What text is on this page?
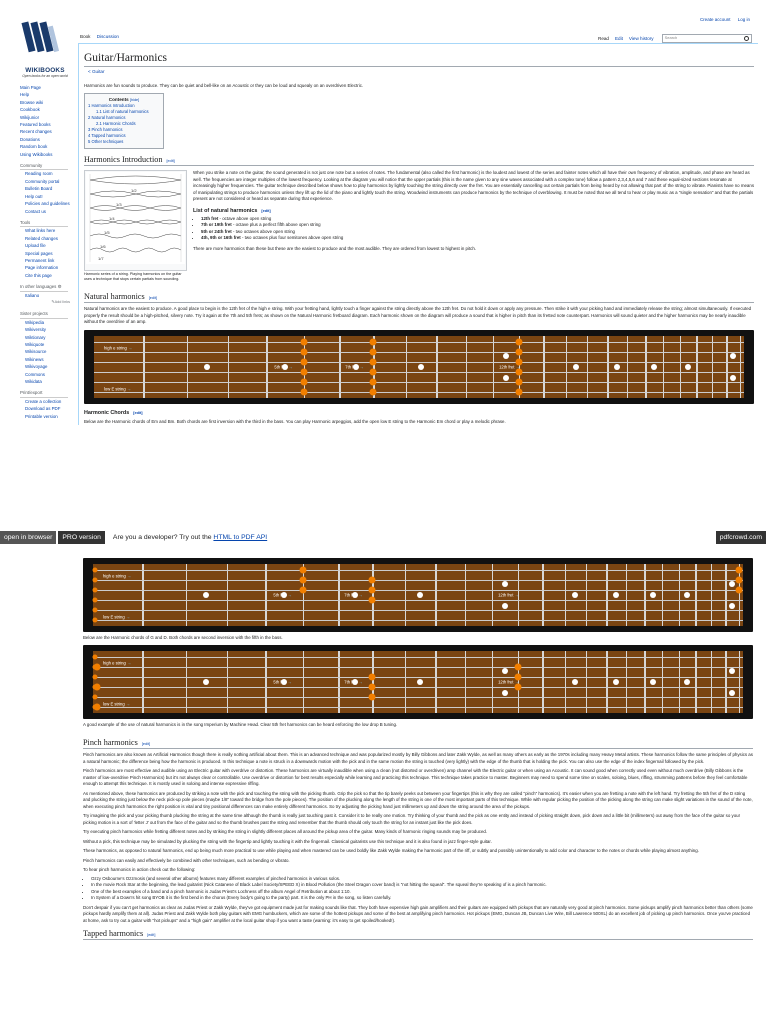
Create account Log in
WIKIBOOKS
Open books for an open world
Main Page
Help
Browse wiki
Cookbook
Wikijunior
Featured books
Recent changes
Donations
Random book
Using Wikibooks
Community
Reading room
Community portal
Bulletin Board
Help out!
Policies and guidelines
Contact us
Tools
What links here
Related changes
Upload file
Special pages
Permanent link
Page information
Cite this page
In other languages ⚙
Italiano
✎Add links
Sister projects
Wikipedia
Wikiversity
Wiktionary
Wikiquote
Wikisource
Wikinews
Wikivoyage
Commons
Wikidata
Print/export
Create a collection
Download as PDF
Printable version
Book Discussion	Read Edit View history	Search
Guitar/Harmonics
< Guitar

Harmonics are fun sounds to produce. They can be quiet and bell-like on an Acoustic or they can be loud and squealy on an overdriven Electric.

Contents [hide]
1 Harmonics Introduction
1.1 List of natural harmonics
2 Natural harmonics
2.1 Harmonic Chords
3 Pinch harmonics
4 Tapped harmonics
5 Other techniques
Harmonics Introduction [edit]
1/2
1/3
1/4
1/5
1/6
1/7
Harmonic series of a string. Playing harmonics on the guitar uses a technique that stops certain partials from sounding.

When you strike a note on the guitar, the sound generated is not just one note but a series of notes. The fundamental (also called the first harmonic) is the loudest and lowest of the series and fainter notes which all have their own frequency of vibration, amplitude, and phase are heard as well. The frequencies are integer multiples of the lowest frequency. Looking at the diagram you will notice that the upper partials (this is the name given to any sine waves associated with a complex tone) follow a pattern 2,3,4,5,6 and 7 and these equal-sized sections resonate at increasingly higher frequencies. The guitar technique described below shows how to play harmonics by lightly touching the string directly over the fret. You are essentially cancelling out certain partials from being heard by not allowing that part of the string to vibrate. Pianists have no means of manipulating strings to produce harmonics unless they lift up the lid of the piano and lightly touch the string. Woodwind instruments can produce harmonics by the technique of overblowing. It must be noted that we all tend to hear or play music as a "single sensation" and that the partials present are not considered or heard as separate during that experience.

List of natural harmonics [edit]
• 12th fret - octave above open string
• 7th or 19th fret - octave plus a perfect fifth above open string
• 5th or 24th fret - two octaves above open string
• 4th, 9th or 16th fret - two octaves plus four semitones above open string

There are more harmonics than these but these are the easiest to produce and the most audible. They are ordered from lowest to highest in pitch.

Natural harmonics [edit]

Natural harmonics are the easiest to produce. A good place to begin is the 12th fret of the high e string. With your fretting hand, lightly touch a finger against the string directly above the 12th fret. Do not hold it down or apply any pressure. Then strike it with your picking hand and immediately release the string; almost simultaneously. If executed properly the result should be a high-pitched, silvery note. Try it again at the 7th and 5th frets; as shown on the Natural Harmonic fretboard diagram. Each harmonic shown on the diagram will produce a sound that is higher in pitch than its fretted note counterpart. Harmonics will sound quieter and the higher harmonics may be nearly inaudible without the overdrive of an amp.

high e string →
low E string →
5th fret →	7th fret →	12th fret →
Harmonic Chords [edit]

Below are the Harmonic chords of Em and Bm. Both chords are first inversion with the third in the bass. You can play Harmonic arpeggios, add the open low E string to the Harmonic Em chord or play a melodic phrase.

open in browser	PRO version	Are you a developer? Try out the HTML to PDF API	pdfcrowd.com
high e string →
low E string →
5th fret →	7th fret →	12th fret →

Below are the Harmonic chords of G and D. Both chords are second inversion with the fifth in the bass.

high e string →
low E string →
5th fret →	7th fret →	12th fret →

A good example of the use of natural harmonics is in the song Imperium by Machine Head. Clear 5th fret harmonics can be heard enforcing the low drop B tuning.

Pinch harmonics [edit]

Pinch harmonics are also known as Artificial Harmonics though there is really nothing artificial about them. This is an advanced technique and was popularized mostly by Billy Gibbons and later Zakk Wylde, as well as many others as early as the 1970s including many Heavy Metal artists. These harmonics follow the same principles of physics as a natural harmonic; the difference being how the harmonic is produced. In this technique a note is struck in a downwards motion with the pick and in the same motion the string is touched (very lightly) with the edge of the thumb that is holding the pick. You can also use the edge of the index fingernail followed by the pick.

Pinch harmonics are most effective and audible using an Electric guitar with overdrive or distortion. These harmonics are virtually inaudible when using a clean (not distorted or overdriven) amp channel with the Electric guitar or when using an Acoustic. It can sound good when correctly used even without much overdrive (Billy Gibbons is the master of low-overdrive Pinch Harmonics) but it's not always clear or controllable. Use overdrive or distortion for best results especially while learning and practicing this technique. This technique takes practice to master. Beginners may need to spend some time on scales, soloing, blues, riffing, strumming patterns before they feel comfortable enough to attempt this technique. It is mostly used in soloing and intense expressive riffing.

As mentioned above, these harmonics are produced by striking a note with the pick and touching the string with the picking thumb. Grip the pick so that the tip barely peeks out between your fingertips (this is why they are called "pinch" harmonics). It's easier when you are fretting a note with the left hand. Try fretting the 5th fret of the D string and plucking the string just below the neck pick-up pole pieces (maybe 1/8" toward the bridge from the pole pieces). The position of the plucking along the length of the string is one of the most important parts of this technique. While with regular picking the position of the picking along the string can make slight variations in the sound of the note, when executing pinch harmonics the right position is vital and tiny positional differences can make entirely different harmonics. So try adjusting the picking hand just millimeters up and down the string around the area of the pickups.

Try imagining the pick and your picking thumb plucking the string at the same time although the thumb is really just touching past it. Consider it to be really one motion. Try thinking of your thumb and the pick as one entity and instead of picking straight down, pick down and a little bit (millimeters) out away from the face of the guitar so your picking motion is a sort of 'letter J' out from the face of the guitar and so the thumb brushes past the string and remember that the thumb should only touch the string for an instant just like the pick does.

Try executing pinch harmonics while fretting different notes and by striking the string in slightly different places all around the pickup area of the guitar. Many kinds of harmonic ringing sounds may be produced.

Without a pick, this technique may be simulated by plucking the string with the fingertip and lightly touching it with the fingernail. Classical guitarists use this technique and it is also found in jazz finger-style guitar.

These harmonics, as opposed to natural harmonics, end up being much more practical to use while playing and when mastered can be used boldly like Zakk Wylde making the harmonic part of the riff, or subtly and possibly unintentionally to add color and character to the notes or chords while playing almost anything.

Pinch harmonics can easily and effectively be combined with other techniques, such as bending or vibrato.

To hear pinch harmonics in action check out the following:

• Ozzy Osbourne's Ozzmosis (and several other albums) features many different examples of pinched harmonics in various solos.
• In the movie Rock Star at the beginning, the lead guitarist (Nick Catanese of Black Label Society/SPEED X) in Blood Pollution (the Steel Dragon cover band) is "not hitting the squeal". The squeal they're speaking of is a pinch harmonic.
• One of the best examples of a band and a pinch harmonic is Judas Priest's Lochness off the album Angel of Retribution at about 1:10.
• In System of a Down's hit song BYOB it is the first bend in the chorus (Every body's going to the party) part. It is the only PH in the song, so listen carefully.

Don't despair if you can't get harmonics as clear as Judas Priest or Zakk Wylde, they've got equipment made just for making sounds like that. They both have expensive high gain amplifiers and their guitars are equipped with pickups that are naturally very good at pinch harmonics. Some pickups amplify pinch harmonics better than others (some pickups hardly amplify them at all). Judas Priest and Zakk Wylde both play guitars with EMG humbuckers, which are some of the hottest pickups and some of the best at amplifying pinch harmonics. Hot pickups (EMG, Duncan JB, Duncan Live Wire, Bill Lawrence 500XL) do an excellent job of picking up pinch harmonics. Once you've practiced at home, ask to try out a guitar with "hot pickups" and a "high gain" amplifier at the local guitar shop if you want a taste (warning: it's easy to get spoiled/hooked!).

Tapped harmonics [edit]
